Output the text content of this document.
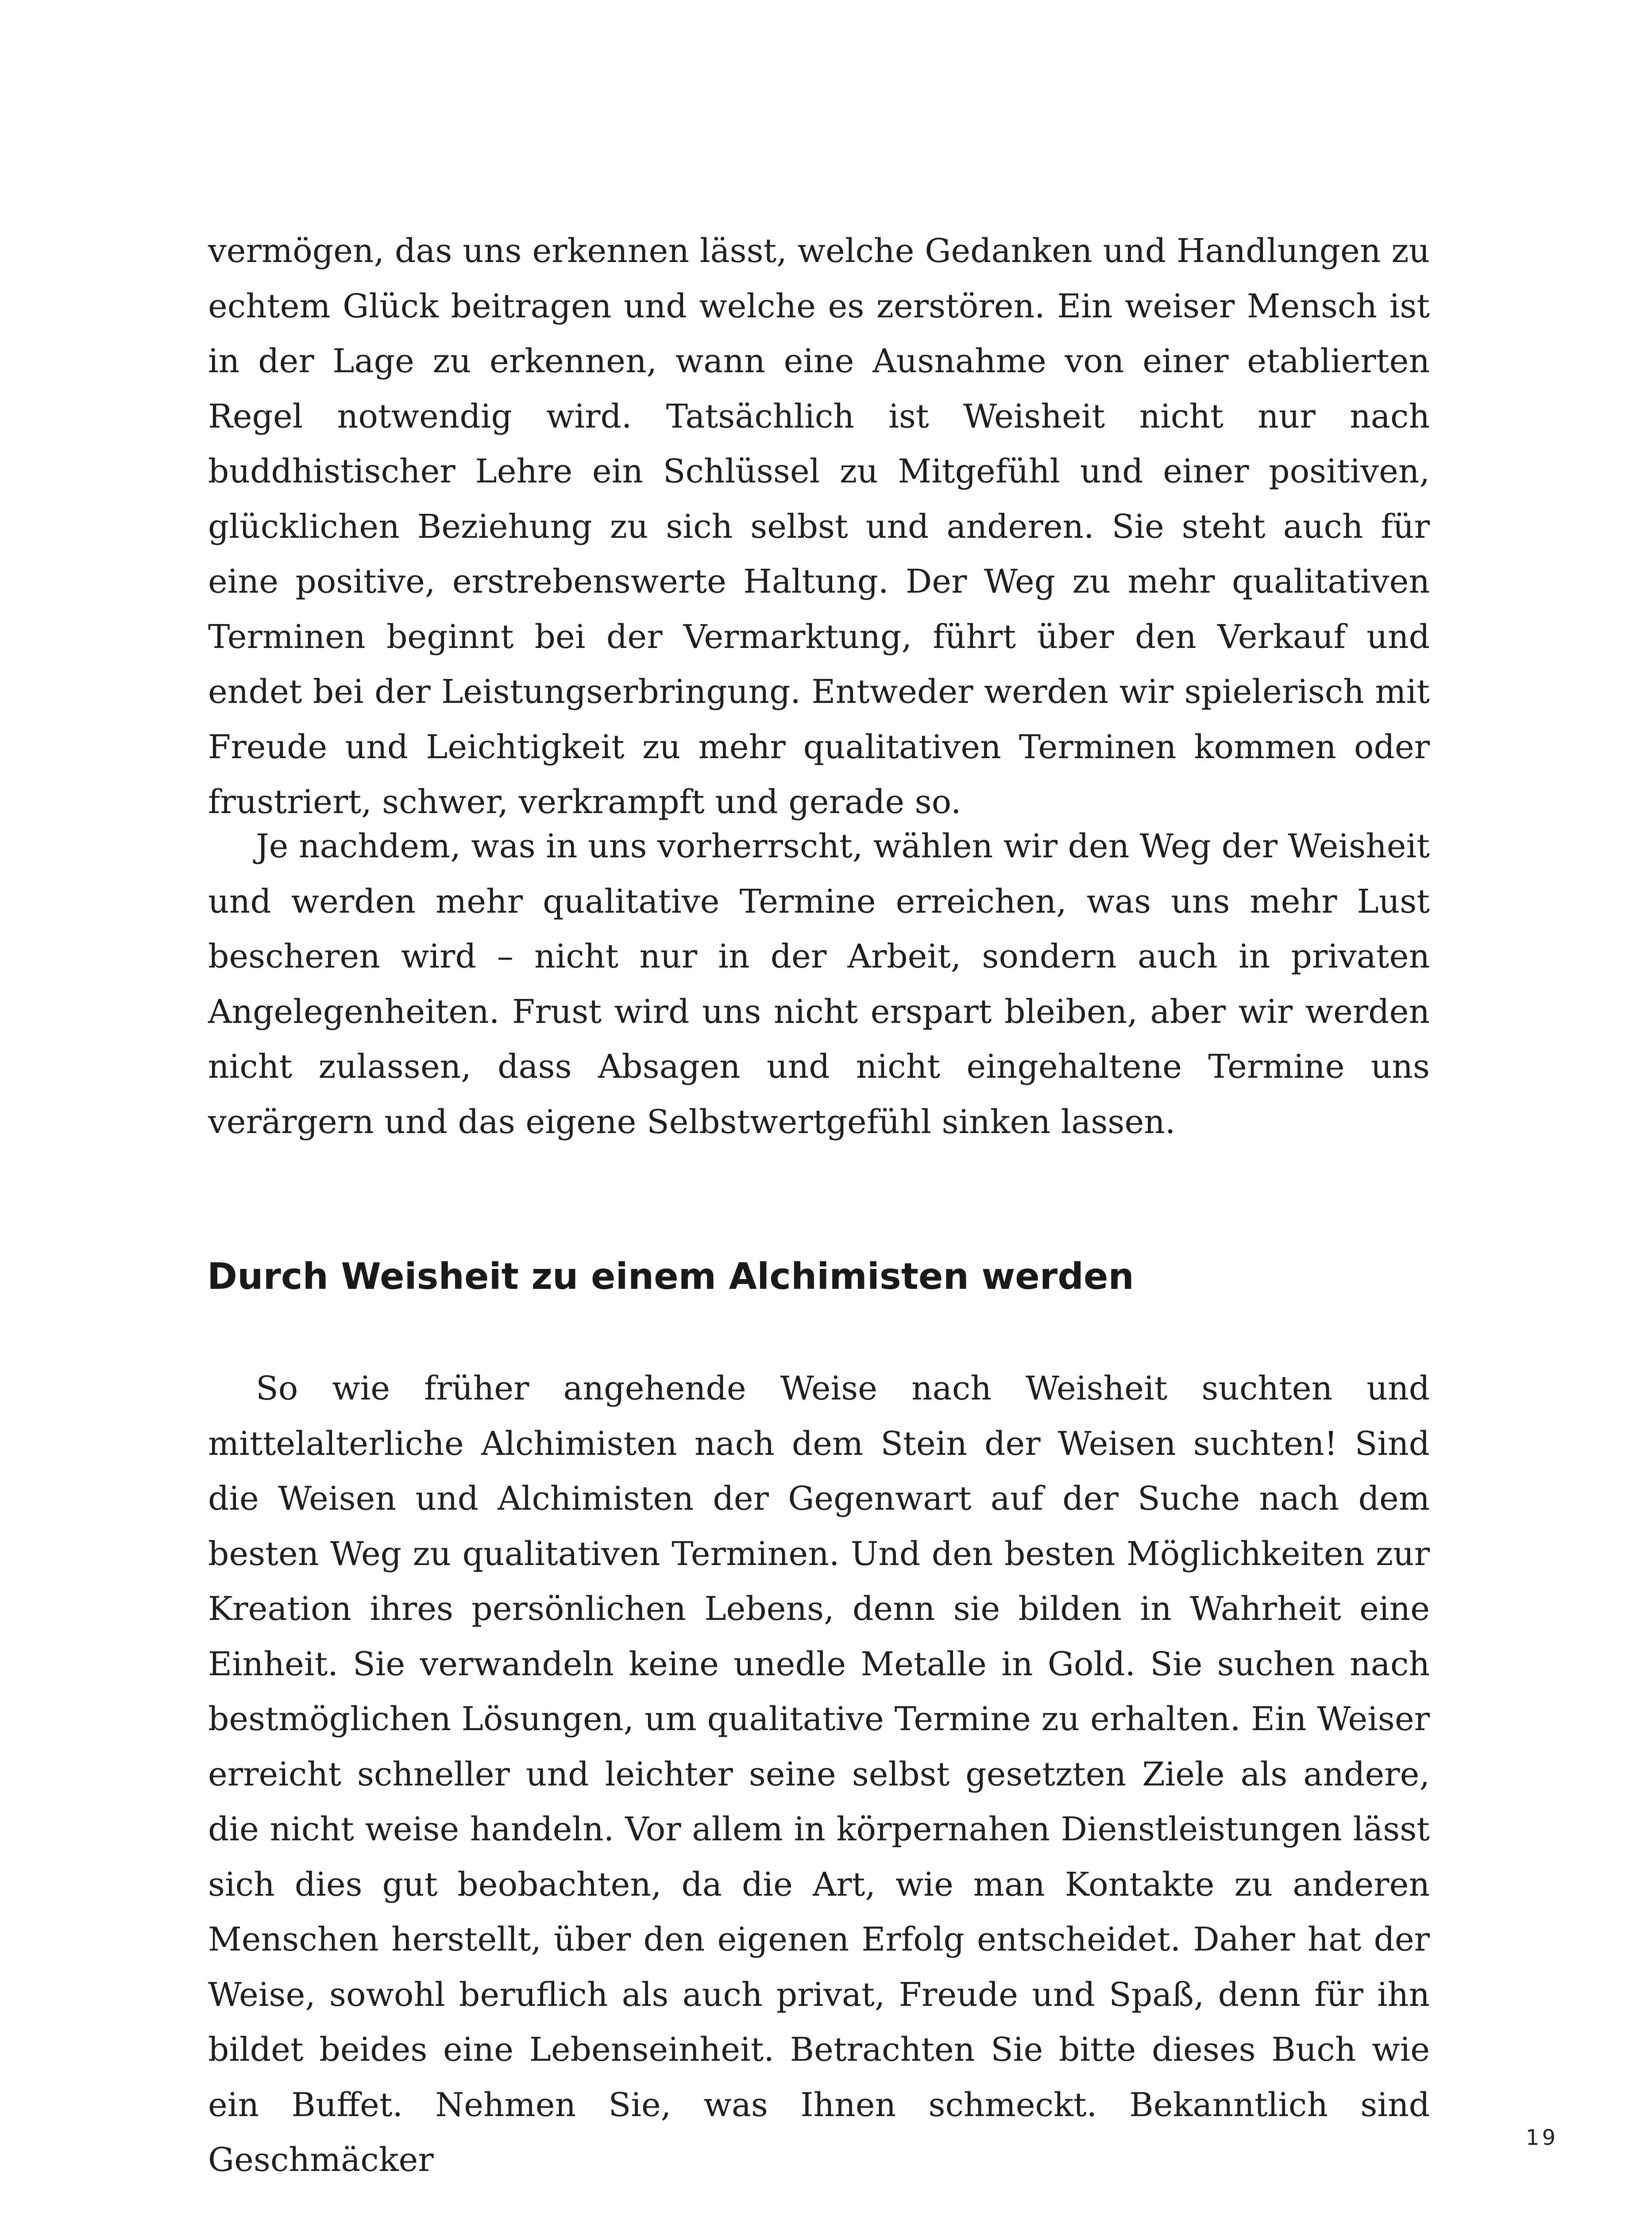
vermögen, das uns erkennen lässt, welche Gedanken und Handlungen zu echtem Glück beitragen und welche es zerstören. Ein weiser Mensch ist in der Lage zu erkennen, wann eine Ausnahme von einer etablierten Regel notwendig wird. Tatsächlich ist Weisheit nicht nur nach buddhistischer Lehre ein Schlüssel zu Mitgefühl und einer positiven, glücklichen Beziehung zu sich selbst und anderen. Sie steht auch für eine positive, erstrebenswerte Haltung. Der Weg zu mehr qualitativen Terminen beginnt bei der Vermarktung, führt über den Verkauf und endet bei der Leistungserbringung. Entweder werden wir spielerisch mit Freude und Leichtigkeit zu mehr qualitativen Terminen kommen oder frustriert, schwer, verkrampft und gerade so.

Je nachdem, was in uns vorherrscht, wählen wir den Weg der Weisheit und werden mehr qualitative Termine erreichen, was uns mehr Lust bescheren wird – nicht nur in der Arbeit, sondern auch in privaten Angelegenheiten. Frust wird uns nicht erspart bleiben, aber wir werden nicht zulassen, dass Absagen und nicht eingehaltene Termine uns verärgern und das eigene Selbstwertgefühl sinken lassen.

Durch Weisheit zu einem Alchimisten werden

So wie früher angehende Weise nach Weisheit suchten und mittelalterliche Alchimisten nach dem Stein der Weisen suchten! Sind die Weisen und Alchimisten der Gegenwart auf der Suche nach dem besten Weg zu qualitativen Terminen. Und den besten Möglichkeiten zur Kreation ihres persönlichen Lebens, denn sie bilden in Wahrheit eine Einheit. Sie verwandeln keine unedle Metalle in Gold. Sie suchen nach bestmöglichen Lösungen, um qualitative Termine zu erhalten. Ein Weiser erreicht schneller und leichter seine selbst gesetzten Ziele als andere, die nicht weise handeln. Vor allem in körpernahen Dienstleistungen lässt sich dies gut beobachten, da die Art, wie man Kontakte zu anderen Menschen herstellt, über den eigenen Erfolg entscheidet. Daher hat der Weise, sowohl beruflich als auch privat, Freude und Spaß, denn für ihn bildet beides eine Lebenseinheit. Betrachten Sie bitte dieses Buch wie ein Buffet. Nehmen Sie, was Ihnen schmeckt. Bekanntlich sind Geschmäcker

19
